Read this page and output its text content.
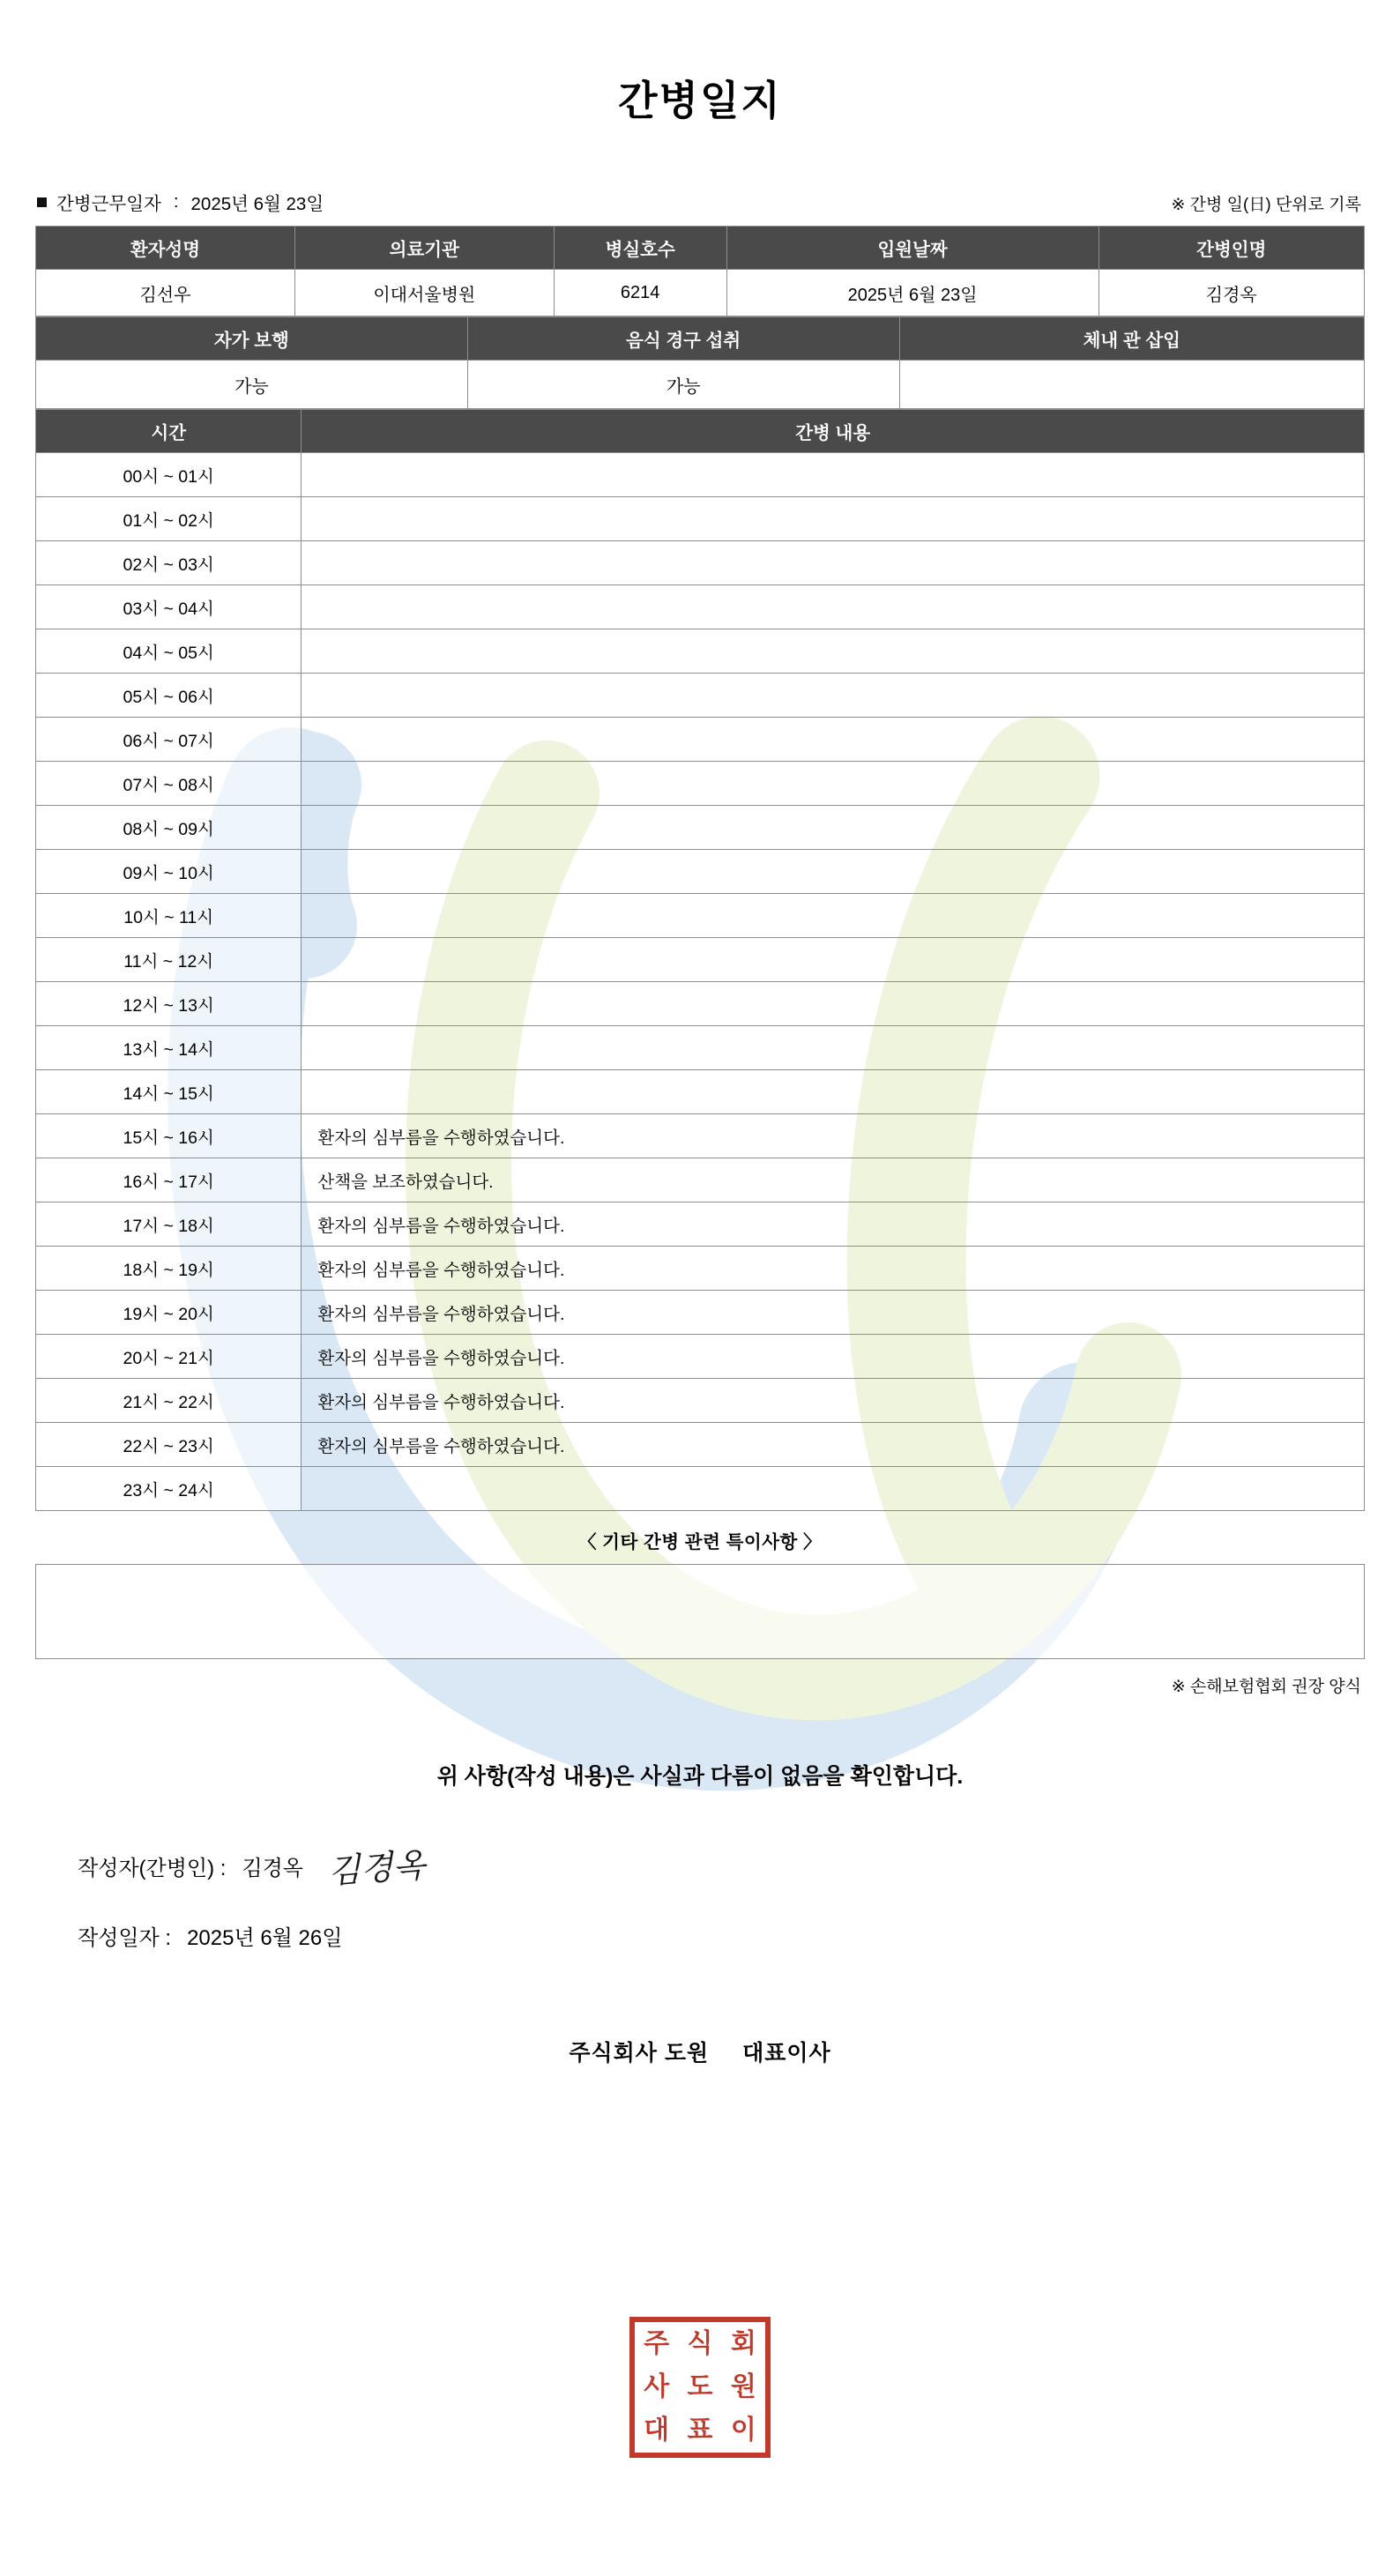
간병일지
간병근무일자 : 2025년 6월 23일	※ 간병 일(日) 단위로 기록
환자성명	의료기관	병실호수	입원날짜	간병인명
김선우	이대서울병원	6214	2025년 6월 23일	김경옥
자가 보행	음식 경구 섭취	체내 관 삽입
가능	가능	
시간	간병 내용
00시 ~ 01시	
01시 ~ 02시	
02시 ~ 03시	
03시 ~ 04시	
04시 ~ 05시	
05시 ~ 06시	
06시 ~ 07시	
07시 ~ 08시	
08시 ~ 09시	
09시 ~ 10시	
10시 ~ 11시	
11시 ~ 12시	
12시 ~ 13시	
13시 ~ 14시	
14시 ~ 15시	
15시 ~ 16시	환자의 심부름을 수행하였습니다.
16시 ~ 17시	산책을 보조하였습니다.
17시 ~ 18시	환자의 심부름을 수행하였습니다.
18시 ~ 19시	환자의 심부름을 수행하였습니다.
19시 ~ 20시	환자의 심부름을 수행하였습니다.
20시 ~ 21시	환자의 심부름을 수행하였습니다.
21시 ~ 22시	환자의 심부름을 수행하였습니다.
22시 ~ 23시	환자의 심부름을 수행하였습니다.
23시 ~ 24시	
〈 기타 간병 관련 특이사항 〉
※ 손해보험협회 권장 양식
위 사항(작성 내용)은 사실과 다름이 없음을 확인합니다.
작성자(간병인) : 김경옥 김경옥
작성일자 : 2025년 6월 26일
주식회사 도원 대표이사
주 식 회
사 도 원
대 표 이
